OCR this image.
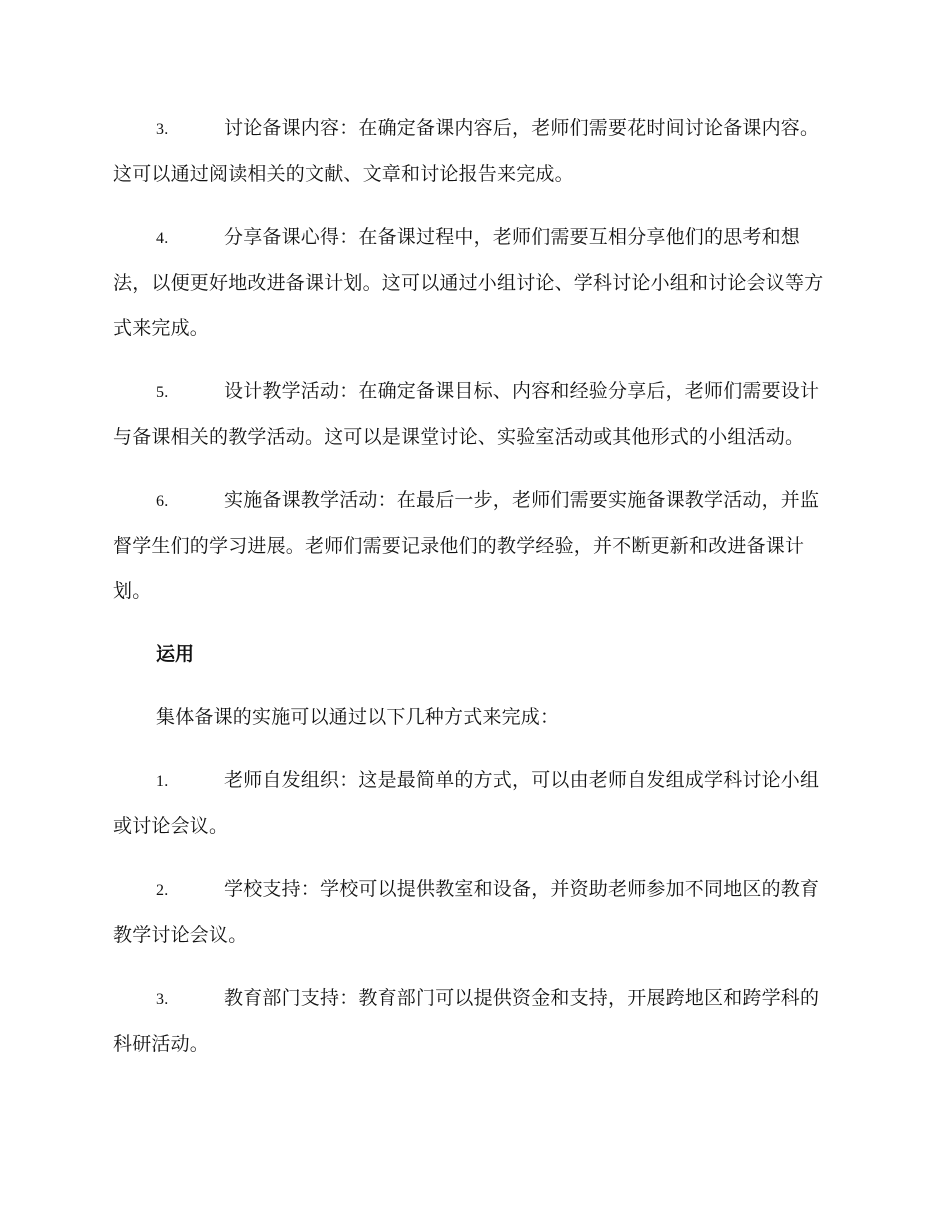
3.	讨论备课内容：在确定备课内容后，老师们需要花时间讨论备课内容。这可以通过阅读相关的文献、文章和讨论报告来完成。

4.	分享备课心得：在备课过程中，老师们需要互相分享他们的思考和想法，以便更好地改进备课计划。这可以通过小组讨论、学科讨论小组和讨论会议等方式来完成。

5.	设计教学活动：在确定备课目标、内容和经验分享后，老师们需要设计与备课相关的教学活动。这可以是课堂讨论、实验室活动或其他形式的小组活动。

6.	实施备课教学活动：在最后一步，老师们需要实施备课教学活动，并监督学生们的学习进展。老师们需要记录他们的教学经验，并不断更新和改进备课计划。

运用

集体备课的实施可以通过以下几种方式来完成：

1.	老师自发组织：这是最简单的方式，可以由老师自发组成学科讨论小组或讨论会议。

2.	学校支持：学校可以提供教室和设备，并资助老师参加不同地区的教育教学讨论会议。

3.	教育部门支持：教育部门可以提供资金和支持，开展跨地区和跨学科的科研活动。
